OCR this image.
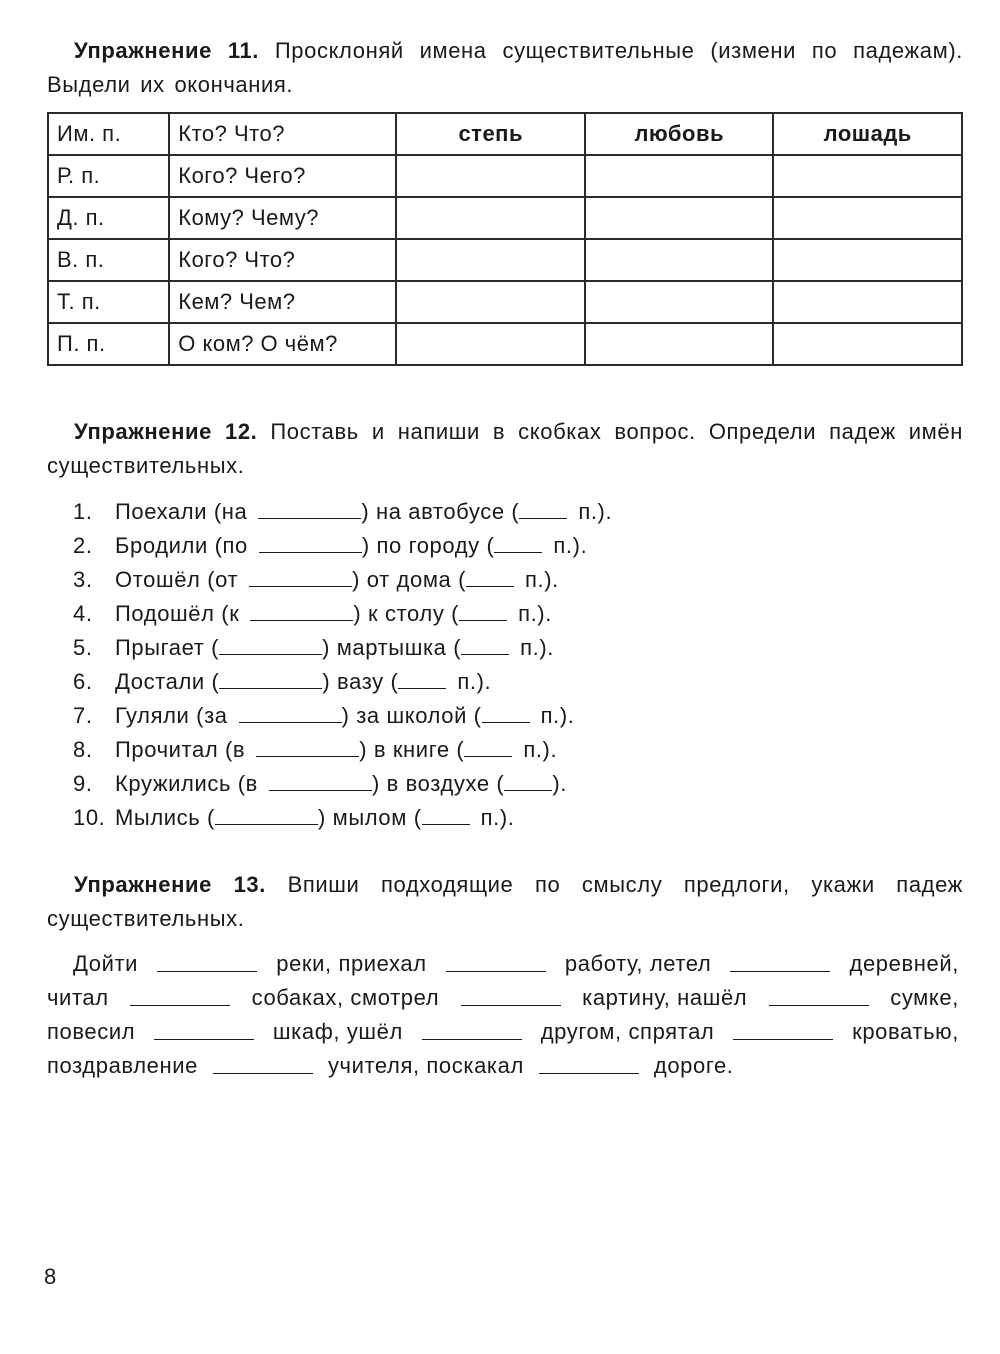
Упражнение 11. Просклоняй имена существительные (измени по падежам). Выдели их окончания.
Им. п.	Кто? Что?	степь	любовь	лошадь
Р. п.	Кого? Чего?			
Д. п.	Кому? Чему?			
В. п.	Кого? Что?			
Т. п.	Кем? Чем?			
П. п.	О ком? О чём?			
Упражнение 12. Поставь и напиши в скобках вопрос. Определи падеж имён существительных.
1. Поехали (на	) на автобусе (	п.).
2. Бродили (по	) по городу (	п.).
3. Отошёл (от	) от дома (	п.).
4. Подошёл (к	) к столу (	п.).
5. Прыгает (	) мартышка (	п.).
6. Достали (	) вазу (	п.).
7. Гуляли (за	) за школой (	п.).
8. Прочитал (в	) в книге (	п.).
9. Кружились (в	) в воздухе ( ).
10. Мылись (	) мылом (	п.).
Упражнение 13. Впиши подходящие по смыслу предлоги, укажи падеж существительных.
Дойти	реки, приехал	работу, летел	деревней,
читал	собаках, смотрел	картину, нашёл	сумке,
повесил	шкаф, ушёл	другом, спрятал	кроватью,
поздравление	учителя, поскакал	дороге.
8
